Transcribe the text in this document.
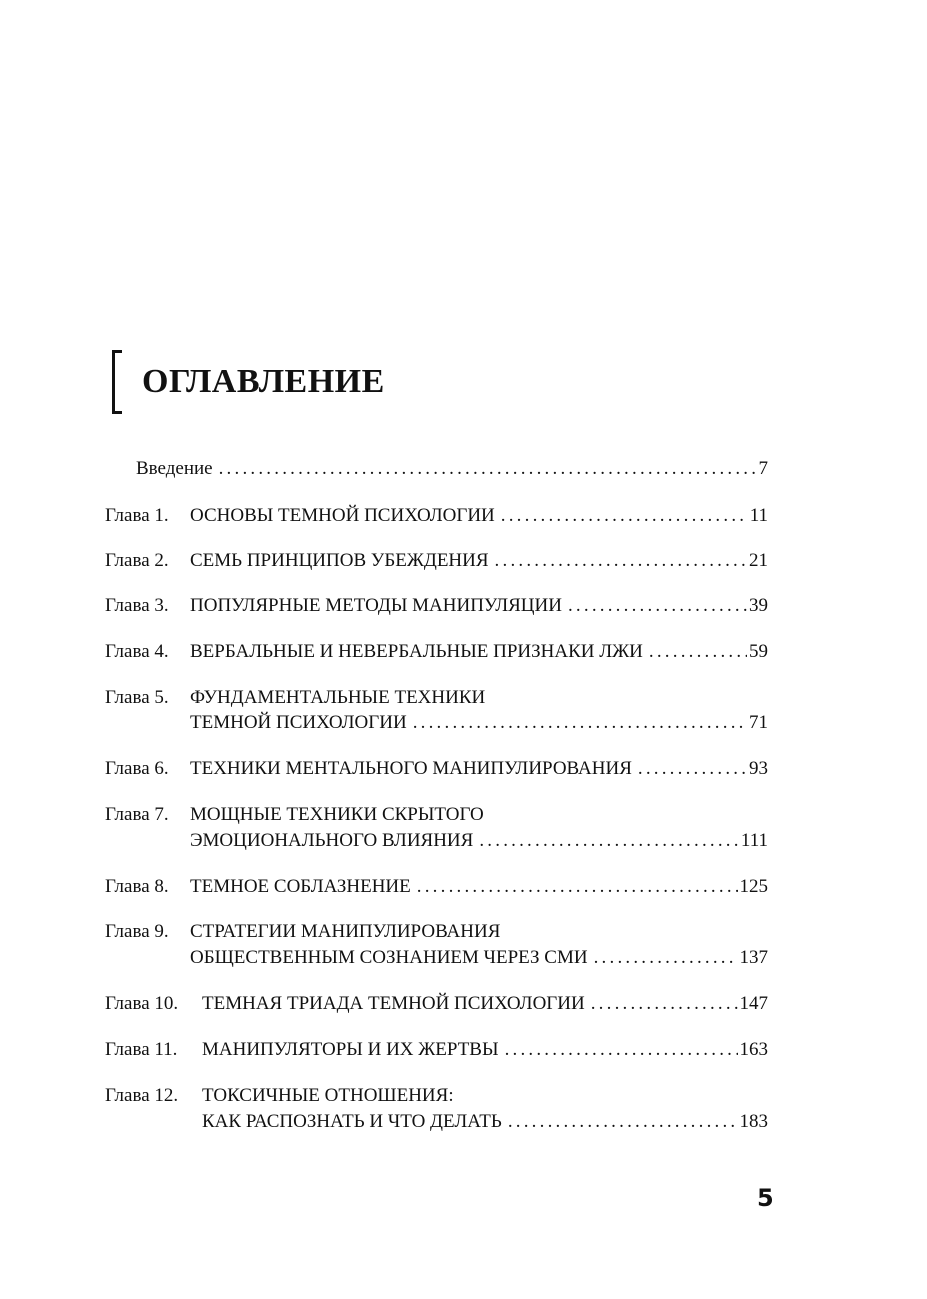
ОГЛАВЛЕНИЕ
Введение .....	7
Глава 1. ОСНОВЫ ТЕМНОЙ ПСИХОЛОГИИ .....	11
Глава 2. СЕМЬ ПРИНЦИПОВ УБЕЖДЕНИЯ .....	21
Глава 3. ПОПУЛЯРНЫЕ МЕТОДЫ МАНИПУЛЯЦИИ .....	39
Глава 4. ВЕРБАЛЬНЫЕ И НЕВЕРБАЛЬНЫЕ ПРИЗНАКИ ЛЖИ .....	59
Глава 5. ФУНДАМЕНТАЛЬНЫЕ ТЕХНИКИ
ТЕМНОЙ ПСИХОЛОГИИ .....	71
Глава 6. ТЕХНИКИ МЕНТАЛЬНОГО МАНИПУЛИРОВАНИЯ .....	93
Глава 7. МОЩНЫЕ ТЕХНИКИ СКРЫТОГО
ЭМОЦИОНАЛЬНОГО ВЛИЯНИЯ .....	111
Глава 8. ТЕМНОЕ СОБЛАЗНЕНИЕ .....	125
Глава 9. СТРАТЕГИИ МАНИПУЛИРОВАНИЯ
ОБЩЕСТВЕННЫМ СОЗНАНИЕМ ЧЕРЕЗ СМИ .....	137
Глава 10. ТЕМНАЯ ТРИАДА ТЕМНОЙ ПСИХОЛОГИИ .....	147
Глава 11. МАНИПУЛЯТОРЫ И ИХ ЖЕРТВЫ .....	163
Глава 12. ТОКСИЧНЫЕ ОТНОШЕНИЯ:
КАК РАСПОЗНАТЬ И ЧТО ДЕЛАТЬ .....	183
5
